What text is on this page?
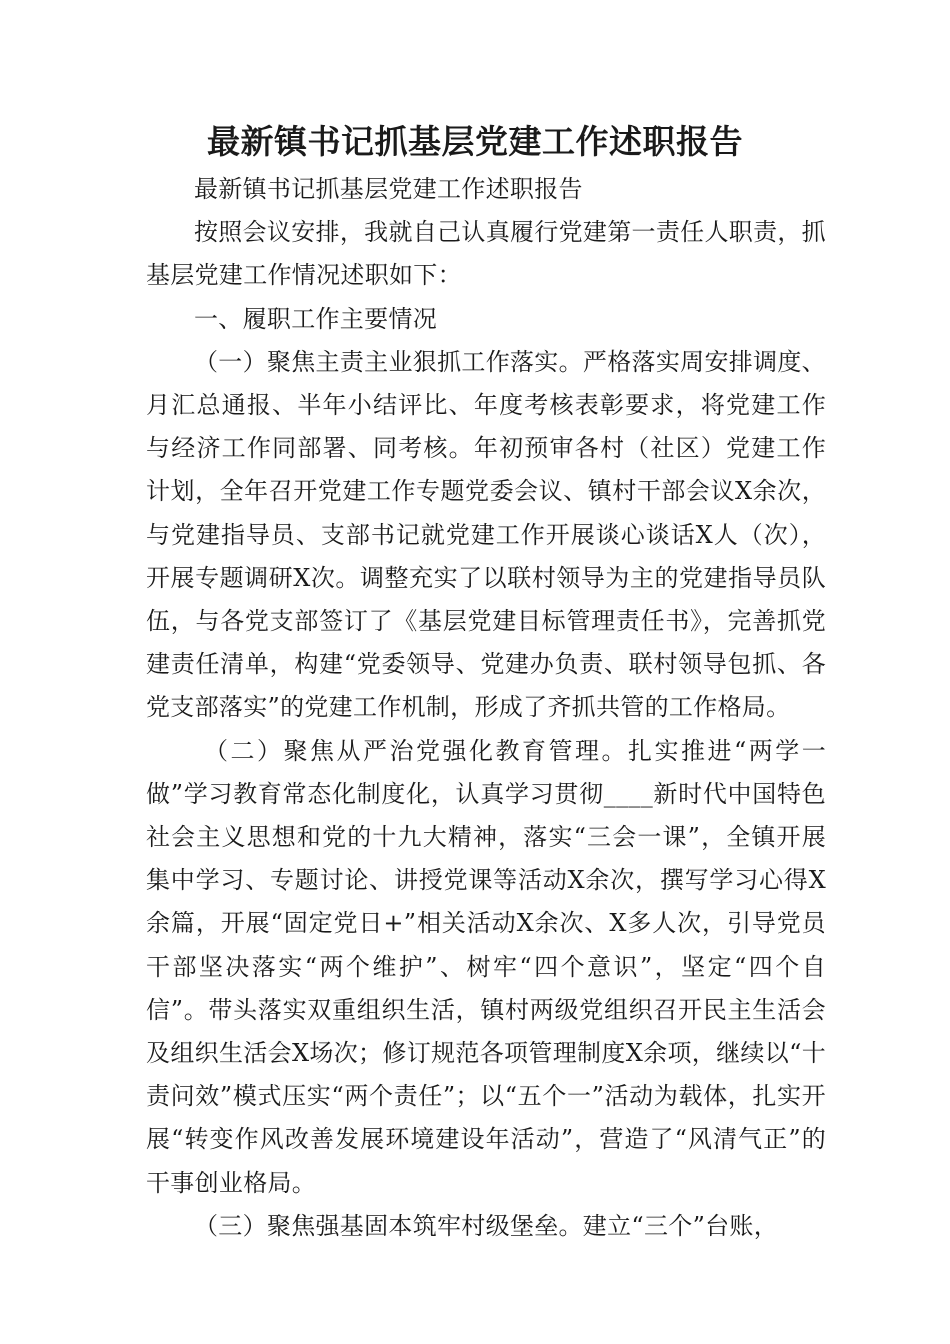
最新镇书记抓基层党建工作述职报告

最新镇书记抓基层党建工作述职报告

按照会议安排，我就自己认真履行党建第一责任人职责，抓基层党建工作情况述职如下：

一、履职工作主要情况

（一）聚焦主责主业狠抓工作落实。严格落实周安排调度、月汇总通报、半年小结评比、年度考核表彰要求，将党建工作与经济工作同部署、同考核。年初预审各村（社区）党建工作计划，全年召开党建工作专题党委会议、镇村干部会议X余次，与党建指导员、支部书记就党建工作开展谈心谈话X人（次），开展专题调研X次。调整充实了以联村领导为主的党建指导员队伍，与各党支部签订了《基层党建目标管理责任书》，完善抓党建责任清单，构建“党委领导、党建办负责、联村领导包抓、各党支部落实”的党建工作机制，形成了齐抓共管的工作格局。

（二）聚焦从严治党强化教育管理。扎实推进“两学一做”学习教育常态化制度化，认真学习贯彻____新时代中国特色社会主义思想和党的十九大精神，落实“三会一课”，全镇开展集中学习、专题讨论、讲授党课等活动X余次，撰写学习心得X余篇，开展“固定党日+”相关活动X余次、X多人次，引导党员干部坚决落实“两个维护”、树牢“四个意识”，坚定“四个自信”。带头落实双重组织生活，镇村两级党组织召开民主生活会及组织生活会X场次；修订规范各项管理制度X余项，继续以“十责问效”模式压实“两个责任”；以“五个一”活动为载体，扎实开展“转变作风改善发展环境建设年活动”，营造了“风清气正”的干事创业格局。

（三）聚焦强基固本筑牢村级堡垒。建立“三个”台账，
